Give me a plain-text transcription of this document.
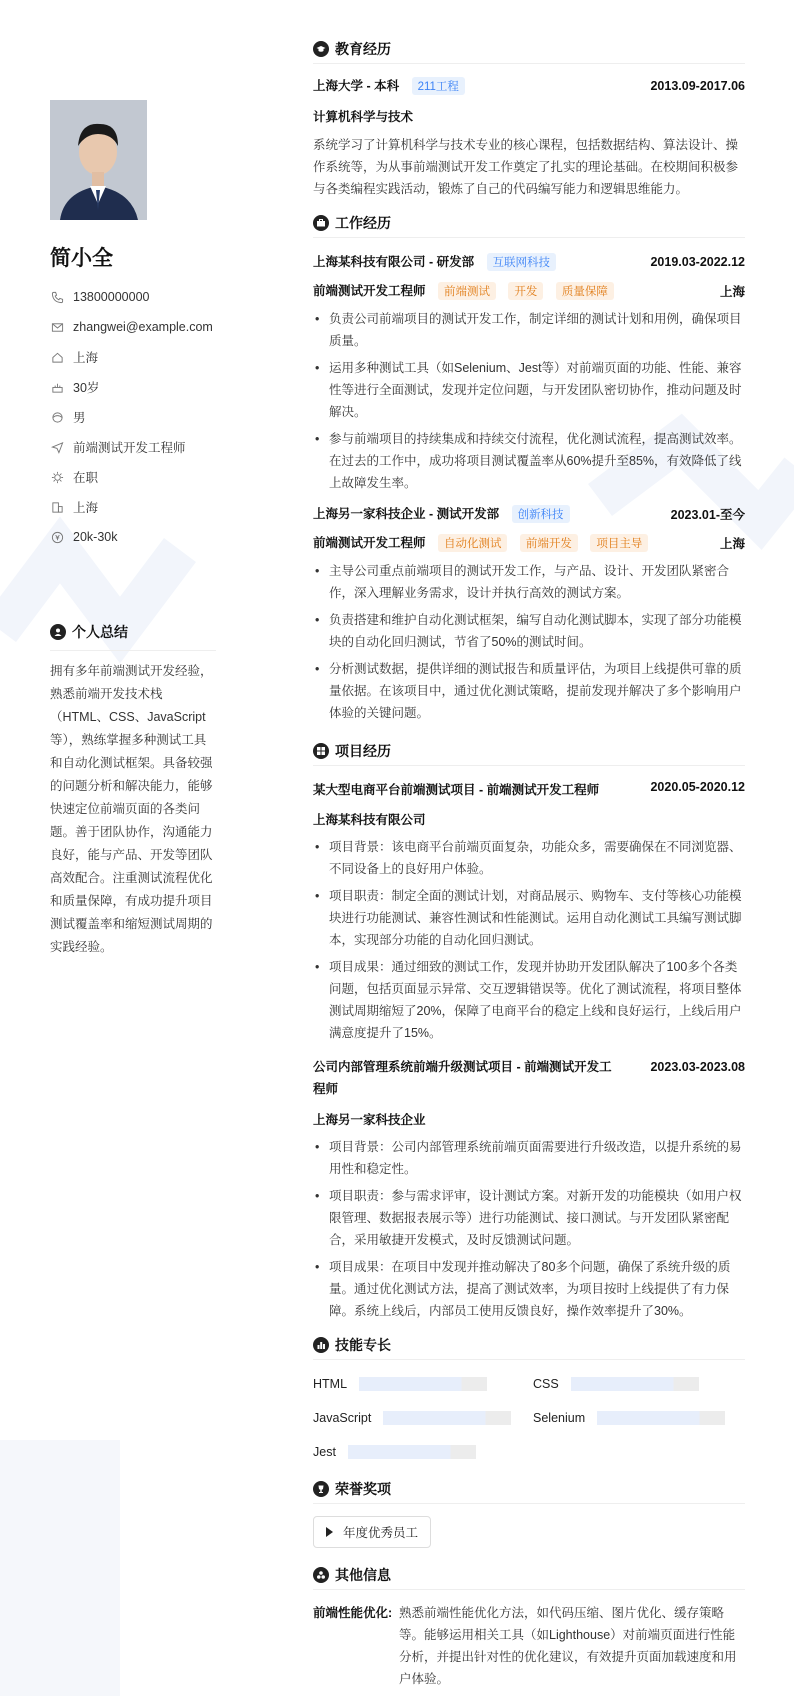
简小全
13800000000
zhangwei@example.com
上海
30岁
男
前端测试开发工程师
在职
上海
20k-30k
个人总结
拥有多年前端测试开发经验，熟悉前端开发技术栈（HTML、CSS、JavaScript等），熟练掌握多种测试工具和自动化测试框架。具备较强的问题分析和解决能力，能够快速定位前端页面的各类问题。善于团队协作，沟通能力良好，能与产品、开发等团队高效配合。注重测试流程优化和质量保障，有成功提升项目测试覆盖率和缩短测试周期的实践经验。
教育经历
上海大学 - 本科 211工程	2013.09-2017.06
计算机科学与技术
系统学习了计算机科学与技术专业的核心课程，包括数据结构、算法设计、操作系统等，为从事前端测试开发工作奠定了扎实的理论基础。在校期间积极参与各类编程实践活动，锻炼了自己的代码编写能力和逻辑思维能力。
工作经历
上海某科技有限公司 - 研发部 互联网科技	2019.03-2022.12
前端测试开发工程师 前端测试 开发 质量保障	上海
• 负责公司前端项目的测试开发工作，制定详细的测试计划和用例，确保项目质量。
• 运用多种测试工具（如Selenium、Jest等）对前端页面的功能、性能、兼容性等进行全面测试，发现并定位问题，与开发团队密切协作，推动问题及时解决。
• 参与前端项目的持续集成和持续交付流程，优化测试流程，提高测试效率。在过去的工作中，成功将项目测试覆盖率从60%提升至85%，有效降低了线上故障发生率。
上海另一家科技企业 - 测试开发部 创新科技	2023.01-至今
前端测试开发工程师 自动化测试 前端开发 项目主导	上海
• 主导公司重点前端项目的测试开发工作，与产品、设计、开发团队紧密合作，深入理解业务需求，设计并执行高效的测试方案。
• 负责搭建和维护自动化测试框架，编写自动化测试脚本，实现了部分功能模块的自动化回归测试，节省了50%的测试时间。
• 分析测试数据，提供详细的测试报告和质量评估，为项目上线提供可靠的质量依据。在该项目中，通过优化测试策略，提前发现并解决了多个影响用户体验的关键问题。
项目经历
某大型电商平台前端测试项目 - 前端测试开发工程师	2020.05-2020.12
上海某科技有限公司
• 项目背景：该电商平台前端页面复杂，功能众多，需要确保在不同浏览器、不同设备上的良好用户体验。
• 项目职责：制定全面的测试计划，对商品展示、购物车、支付等核心功能模块进行功能测试、兼容性测试和性能测试。运用自动化测试工具编写测试脚本，实现部分功能的自动化回归测试。
• 项目成果：通过细致的测试工作，发现并协助开发团队解决了100多个各类问题，包括页面显示异常、交互逻辑错误等。优化了测试流程，将项目整体测试周期缩短了20%，保障了电商平台的稳定上线和良好运行，上线后用户满意度提升了15%。
公司内部管理系统前端升级测试项目 - 前端测试开发工程师
2023.03-2023.08
上海另一家科技企业
• 项目背景：公司内部管理系统前端页面需要进行升级改造，以提升系统的易用性和稳定性。
• 项目职责：参与需求评审，设计测试方案。对新开发的功能模块（如用户权限管理、数据报表展示等）进行功能测试、接口测试。与开发团队紧密配合，采用敏捷开发模式，及时反馈测试问题。
• 项目成果：在项目中发现并推动解决了80多个问题，确保了系统升级的质量。通过优化测试方法，提高了测试效率，为项目按时上线提供了有力保障。系统上线后，内部员工使用反馈良好，操作效率提升了30%。
技能专长
HTML	CSS
JavaScript	Selenium
Jest
荣誉奖项
年度优秀员工
其他信息
前端性能优化: 熟悉前端性能优化方法，如代码压缩、图片优化、缓存策略等。能够运用相关工具（如Lighthouse）对前端页面进行性能分析，并提出针对性的优化建议，有效提升页面加载速度和用户体验。
